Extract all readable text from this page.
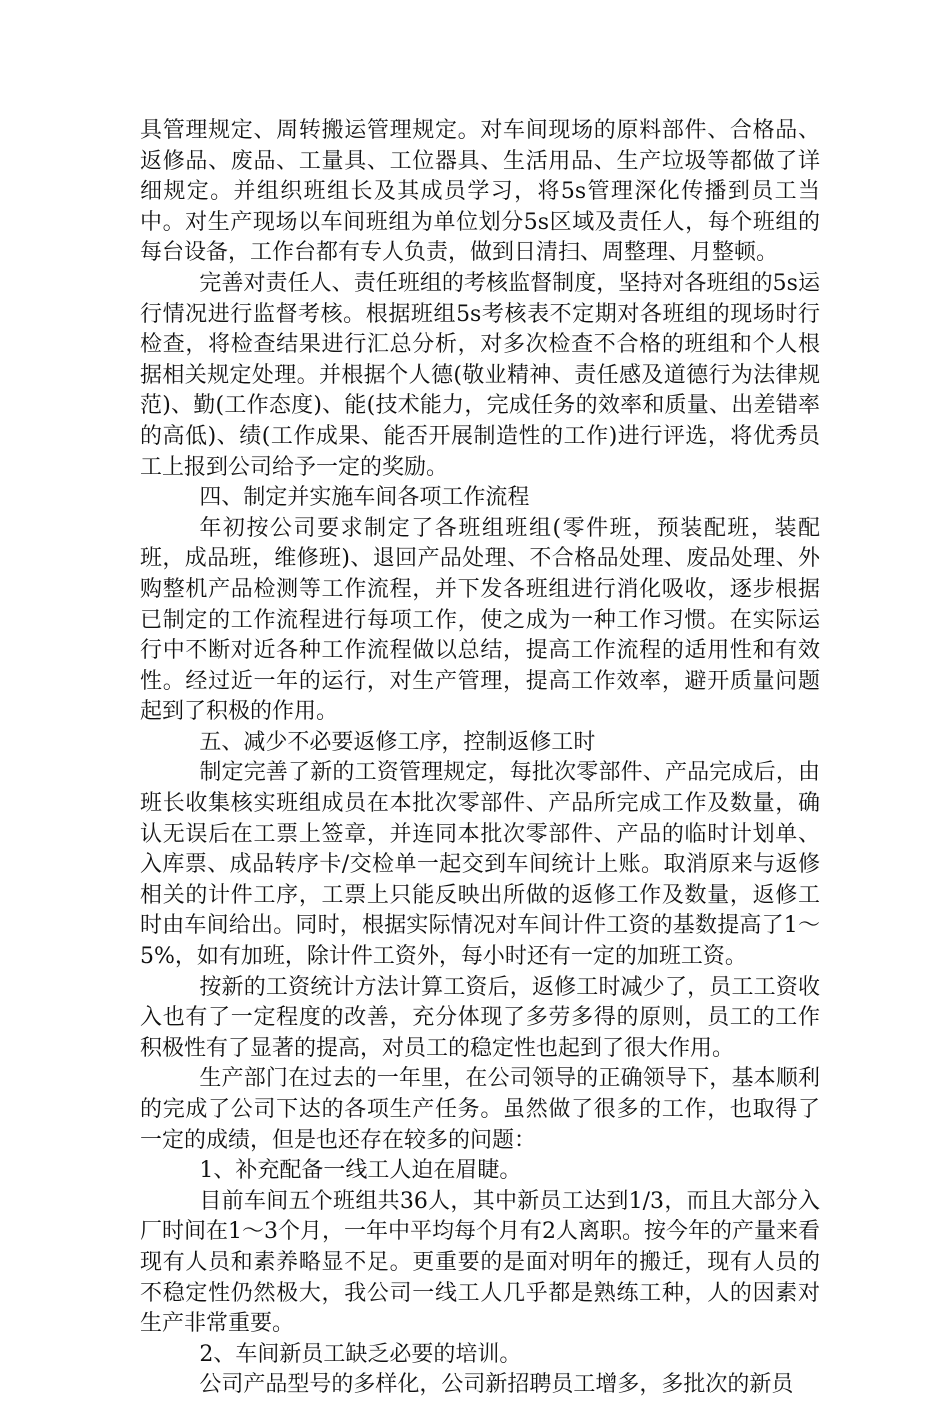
具管理规定、周转搬运管理规定。对车间现场的原料部件、合格品、返修品、废品、工量具、工位器具、生活用品、生产垃圾等都做了详细规定。并组织班组长及其成员学习，将5s管理深化传播到员工当中。对生产现场以车间班组为单位划分5s区域及责任人，每个班组的每台设备，工作台都有专人负责，做到日清扫、周整理、月整顿。

完善对责任人、责任班组的考核监督制度，坚持对各班组的5s运行情况进行监督考核。根据班组5s考核表不定期对各班组的现场时行检查，将检查结果进行汇总分析，对多次检查不合格的班组和个人根据相关规定处理。并根据个人德(敬业精神、责任感及道德行为法律规范)、勤(工作态度)、能(技术能力，完成任务的效率和质量、出差错率的高低)、绩(工作成果、能否开展制造性的工作)进行评选，将优秀员工上报到公司给予一定的奖励。

四、制定并实施车间各项工作流程

年初按公司要求制定了各班组班组(零件班，预装配班，装配班，成品班，维修班)、退回产品处理、不合格品处理、废品处理、外购整机产品检测等工作流程，并下发各班组进行消化吸收，逐步根据已制定的工作流程进行每项工作，使之成为一种工作习惯。在实际运行中不断对近各种工作流程做以总结，提高工作流程的适用性和有效性。经过近一年的运行，对生产管理，提高工作效率，避开质量问题起到了积极的作用。

五、减少不必要返修工序，控制返修工时

制定完善了新的工资管理规定，每批次零部件、产品完成后，由班长收集核实班组成员在本批次零部件、产品所完成工作及数量，确认无误后在工票上签章，并连同本批次零部件、产品的临时计划单、入库票、成品转序卡/交检单一起交到车间统计上账。取消原来与返修相关的计件工序，工票上只能反映出所做的返修工作及数量，返修工时由车间给出。同时，根据实际情况对车间计件工资的基数提高了1～5%，如有加班，除计件工资外，每小时还有一定的加班工资。

按新的工资统计方法计算工资后，返修工时减少了，员工工资收入也有了一定程度的改善，充分体现了多劳多得的原则，员工的工作积极性有了显著的提高，对员工的稳定性也起到了很大作用。

生产部门在过去的一年里，在公司领导的正确领导下，基本顺利的完成了公司下达的各项生产任务。虽然做了很多的工作，也取得了一定的成绩，但是也还存在较多的问题：

1、补充配备一线工人迫在眉睫。

目前车间五个班组共36人，其中新员工达到1/3，而且大部分入厂时间在1～3个月，一年中平均每个月有2人离职。按今年的产量来看现有人员和素养略显不足。更重要的是面对明年的搬迁，现有人员的不稳定性仍然极大，我公司一线工人几乎都是熟练工种，人的因素对生产非常重要。

2、车间新员工缺乏必要的培训。

公司产品型号的多样化，公司新招聘员工增多，多批次的新员
